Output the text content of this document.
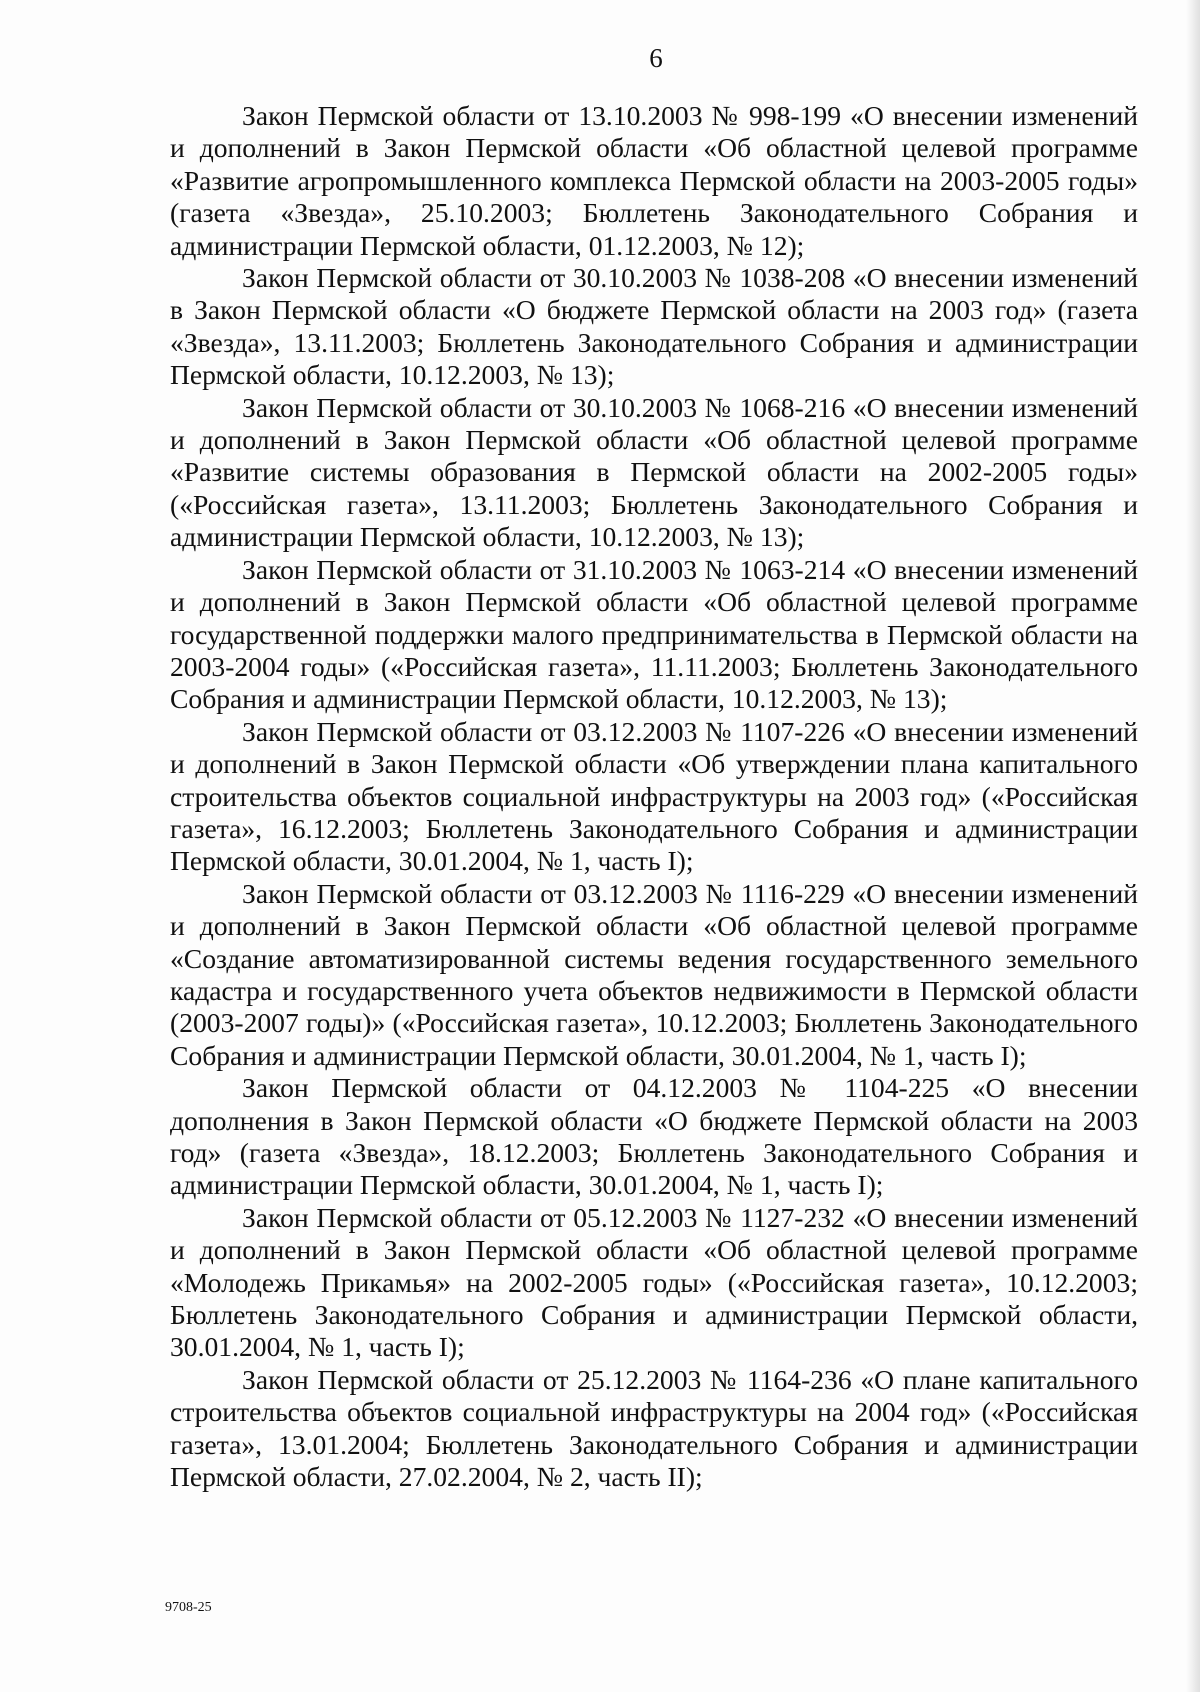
6

Закон Пермской области от 13.10.2003 № 998-199 «О внесении изменений и дополнений в Закон Пермской области «Об областной целевой программе «Развитие агропромышленного комплекса Пермской области на 2003-2005 годы» (газета «Звезда», 25.10.2003; Бюллетень Законодательного Собрания и администрации Пермской области, 01.12.2003, № 12);

Закон Пермской области от 30.10.2003 № 1038-208 «О внесении изменений в Закон Пермской области «О бюджете Пермской области на 2003 год» (газета «Звезда», 13.11.2003; Бюллетень Законодательного Собрания и администрации Пермской области, 10.12.2003, № 13);

Закон Пермской области от 30.10.2003 № 1068-216 «О внесении изменений и дополнений в Закон Пермской области «Об областной целевой программе «Развитие системы образования в Пермской области на 2002-2005 годы» («Российская газета», 13.11.2003; Бюллетень Законодательного Собрания и администрации Пермской области, 10.12.2003, № 13);

Закон Пермской области от 31.10.2003 № 1063-214 «О внесении изменений и дополнений в Закон Пермской области «Об областной целевой программе государственной поддержки малого предпринимательства в Пермской области на 2003-2004 годы» («Российская газета», 11.11.2003; Бюллетень Законодательного Собрания и администрации Пермской области, 10.12.2003, № 13);

Закон Пермской области от 03.12.2003 № 1107-226 «О внесении изменений и дополнений в Закон Пермской области «Об утверждении плана капитального строительства объектов социальной инфраструктуры на 2003 год» («Российская газета», 16.12.2003; Бюллетень Законодательного Собрания и администрации Пермской области, 30.01.2004, № 1, часть I);

Закон Пермской области от 03.12.2003 № 1116-229 «О внесении изменений и дополнений в Закон Пермской области «Об областной целевой программе «Создание автоматизированной системы ведения государственного земельного кадастра и государственного учета объектов недвижимости в Пермской области (2003-2007 годы)» («Российская газета», 10.12.2003; Бюллетень Законодательного Собрания и администрации Пермской области, 30.01.2004, № 1, часть I);

Закон Пермской области от 04.12.2003 № 1104-225 «О внесении дополнения в Закон Пермской области «О бюджете Пермской области на 2003 год» (газета «Звезда», 18.12.2003; Бюллетень Законодательного Собрания и администрации Пермской области, 30.01.2004, № 1, часть I);

Закон Пермской области от 05.12.2003 № 1127-232 «О внесении изменений и дополнений в Закон Пермской области «Об областной целевой программе «Молодежь Прикамья» на 2002-2005 годы» («Российская газета», 10.12.2003; Бюллетень Законодательного Собрания и администрации Пермской области, 30.01.2004, № 1, часть I);

Закон Пермской области от 25.12.2003 № 1164-236 «О плане капитального строительства объектов социальной инфраструктуры на 2004 год» («Российская газета», 13.01.2004; Бюллетень Законодательного Собрания и администрации Пермской области, 27.02.2004, № 2, часть II);

9708-25
